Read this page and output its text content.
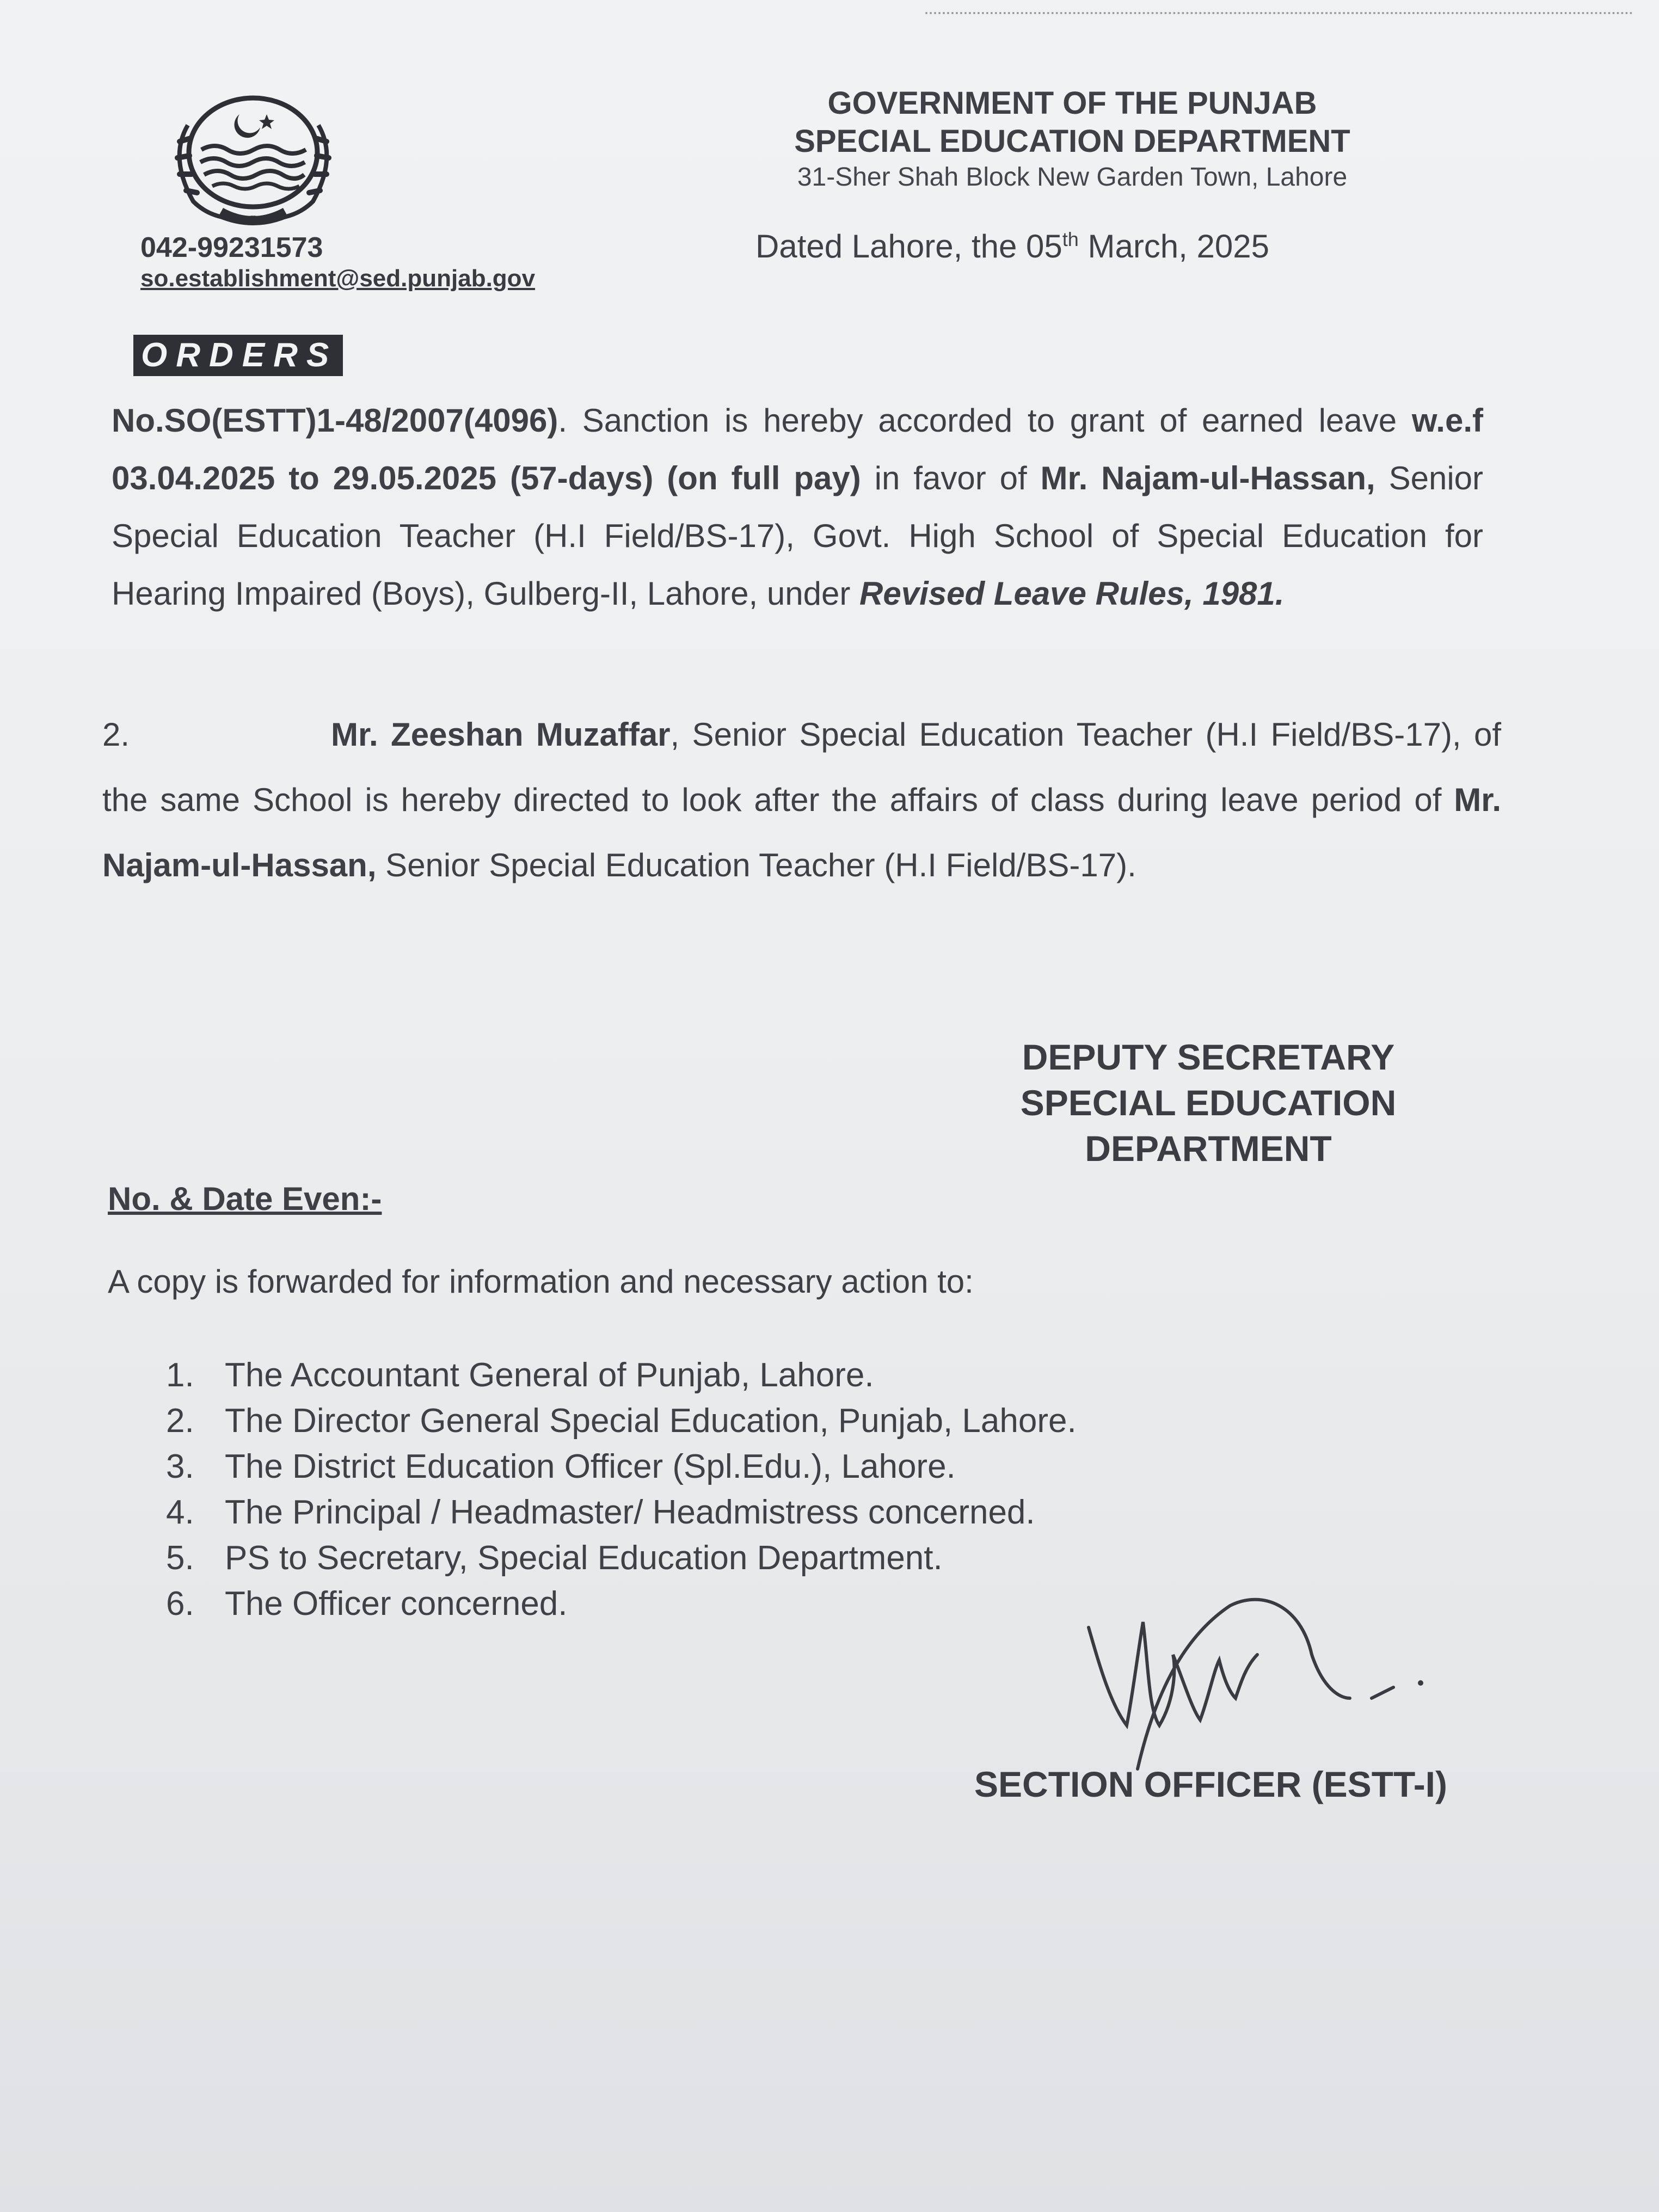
042-99231573
so.establishment@sed.punjab.gov
GOVERNMENT OF THE PUNJAB
SPECIAL EDUCATION DEPARTMENT
31-Sher Shah Block New Garden Town, Lahore
Dated Lahore, the 05th March, 2025
ORDERS
No.SO(ESTT)1-48/2007(4096). Sanction is hereby accorded to grant of earned leave w.e.f 03.04.2025 to 29.05.2025 (57-days) (on full pay) in favor of Mr. Najam-ul-Hassan, Senior Special Education Teacher (H.I Field/BS-17), Govt. High School of Special Education for Hearing Impaired (Boys), Gulberg-II, Lahore, under Revised Leave Rules, 1981.
2.	Mr. Zeeshan Muzaffar, Senior Special Education Teacher (H.I Field/BS-17), of the same School is hereby directed to look after the affairs of class during leave period of Mr. Najam-ul-Hassan, Senior Special Education Teacher (H.I Field/BS-17).
DEPUTY SECRETARY
SPECIAL EDUCATION
DEPARTMENT
No. & Date Even:-
A copy is forwarded for information and necessary action to:
1. The Accountant General of Punjab, Lahore.
2. The Director General Special Education, Punjab, Lahore.
3. The District Education Officer (Spl.Edu.), Lahore.
4. The Principal / Headmaster/ Headmistress concerned.
5. PS to Secretary, Special Education Department.
6. The Officer concerned.
SECTION OFFICER (ESTT-I)
